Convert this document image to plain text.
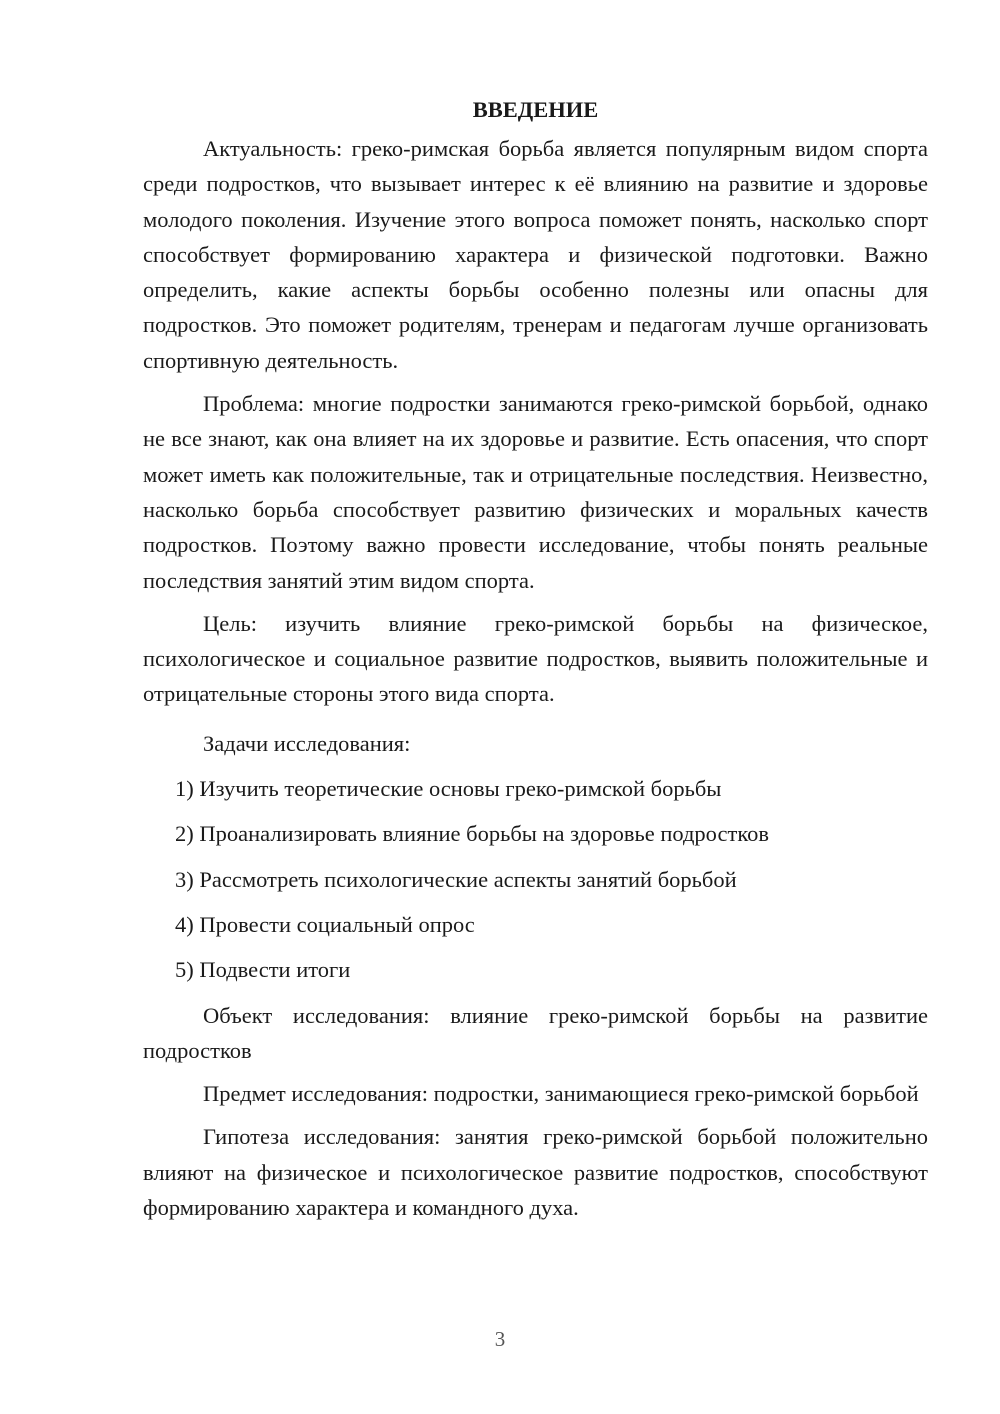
ВВЕДЕНИЕ

Актуальность: греко-римская борьба является популярным видом спорта среди подростков, что вызывает интерес к её влиянию на развитие и здоровье молодого поколения. Изучение этого вопроса поможет понять, насколько спорт способствует формированию характера и физической подготовки. Важно определить, какие аспекты борьбы особенно полезны или опасны для подростков. Это поможет родителям, тренерам и педагогам лучше организовать спортивную деятельность.

Проблема: многие подростки занимаются греко-римской борьбой, однако не все знают, как она влияет на их здоровье и развитие. Есть опасения, что спорт может иметь как положительные, так и отрицательные последствия. Неизвестно, насколько борьба способствует развитию физических и моральных качеств подростков. Поэтому важно провести исследование, чтобы понять реальные последствия занятий этим видом спорта.

Цель: изучить влияние греко-римской борьбы на физическое, психологическое и социальное развитие подростков, выявить положительные и отрицательные стороны этого вида спорта.

Задачи исследования:

1) Изучить теоретические основы греко-римской борьбы

2) Проанализировать влияние борьбы на здоровье подростков

3) Рассмотреть психологические аспекты занятий борьбой

4) Провести социальный опрос

5) Подвести итоги

Объект исследования: влияние греко-римской борьбы на развитие подростков

Предмет исследования: подростки, занимающиеся греко-римской борьбой

Гипотеза исследования: занятия греко-римской борьбой положительно влияют на физическое и психологическое развитие подростков, способствуют формированию характера и командного духа.

3
